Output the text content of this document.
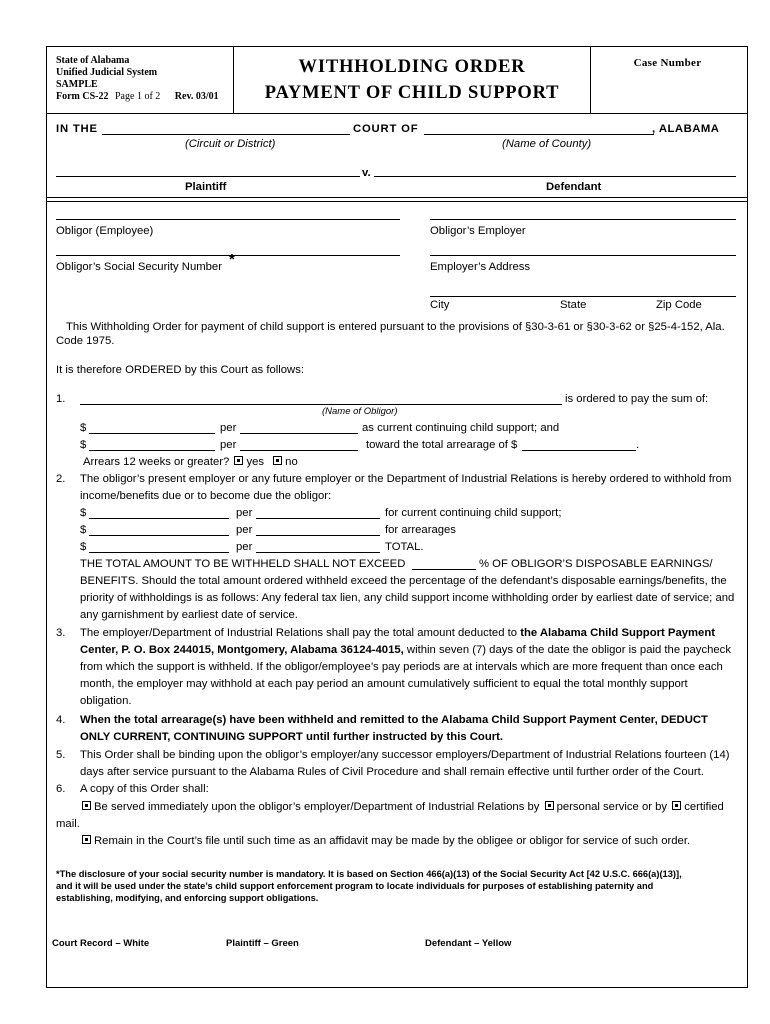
State of Alabama
Unified Judicial System
SAMPLE
Form CS-22 Page 1 of 2 Rev. 03/01
WITHHOLDING ORDER
PAYMENT OF CHILD SUPPORT
Case Number
IN THE	COURT OF	, ALABAMA
(Circuit or District)	(Name of County)
v.
Plaintiff	Defendant
Obligor (Employee)	Obligor’s Employer
Obligor’s Social Security Number *	Employer’s Address
City	State	Zip Code
This Withholding Order for payment of child support is entered pursuant to the provisions of §30-3-61 or §30-3-62 or §25-4-152, Ala.
Code 1975.
It is therefore ORDERED by this Court as follows:
1.	is ordered to pay the sum of:
(Name of Obligor)
$	per	as current continuing child support; and
$	per	toward the total arrearage of $	.
Arrears 12 weeks or greater? yes no
2. The obligor’s present employer or any future employer or the Department of Industrial Relations is hereby ordered to withhold from
income/benefits due or to become due the obligor:
$	per	for current continuing child support;
$	per	for arrearages
$	per	TOTAL.
THE TOTAL AMOUNT TO BE WITHHELD SHALL NOT EXCEED	% OF OBLIGOR’S DISPOSABLE EARNINGS/
BENEFITS. Should the total amount ordered withheld exceed the percentage of the defendant’s disposable earnings/benefits, the
priority of withholdings is as follows: Any federal tax lien, any child support income withholding order by earliest date of service; and
any garnishment by earliest date of service.
3. The employer/Department of Industrial Relations shall pay the total amount deducted to the Alabama Child Support Payment
Center, P. O. Box 244015, Montgomery, Alabama 36124-4015, within seven (7) days of the date the obligor is paid the paycheck
from which the support is withheld. If the obligor/employee’s pay periods are at intervals which are more frequent than once each
month, the employer may withhold at each pay period an amount cumulatively sufficient to equal the total monthly support
obligation.
4. When the total arrearage(s) have been withheld and remitted to the Alabama Child Support Payment Center, DEDUCT
ONLY CURRENT, CONTINUING SUPPORT until further instructed by this Court.
5. This Order shall be binding upon the obligor’s employer/any successor employers/Department of Industrial Relations fourteen (14)
days after service pursuant to the Alabama Rules of Civil Procedure and shall remain effective until further order of the Court.
6. A copy of this Order shall:
Be served immediately upon the obligor’s employer/Department of Industrial Relations by personal service or by certified
mail.
Remain in the Court’s file until such time as an affidavit may be made by the obligee or obligor for service of such order.
*The disclosure of your social security number is mandatory. It is based on Section 466(a)(13) of the Social Security Act [42 U.S.C. 666(a)(13)],
and it will be used under the state’s child support enforcement program to locate individuals for purposes of establishing paternity and
establishing, modifying, and enforcing support obligations.
Court Record – White	Plaintiff – Green	Defendant – Yellow
